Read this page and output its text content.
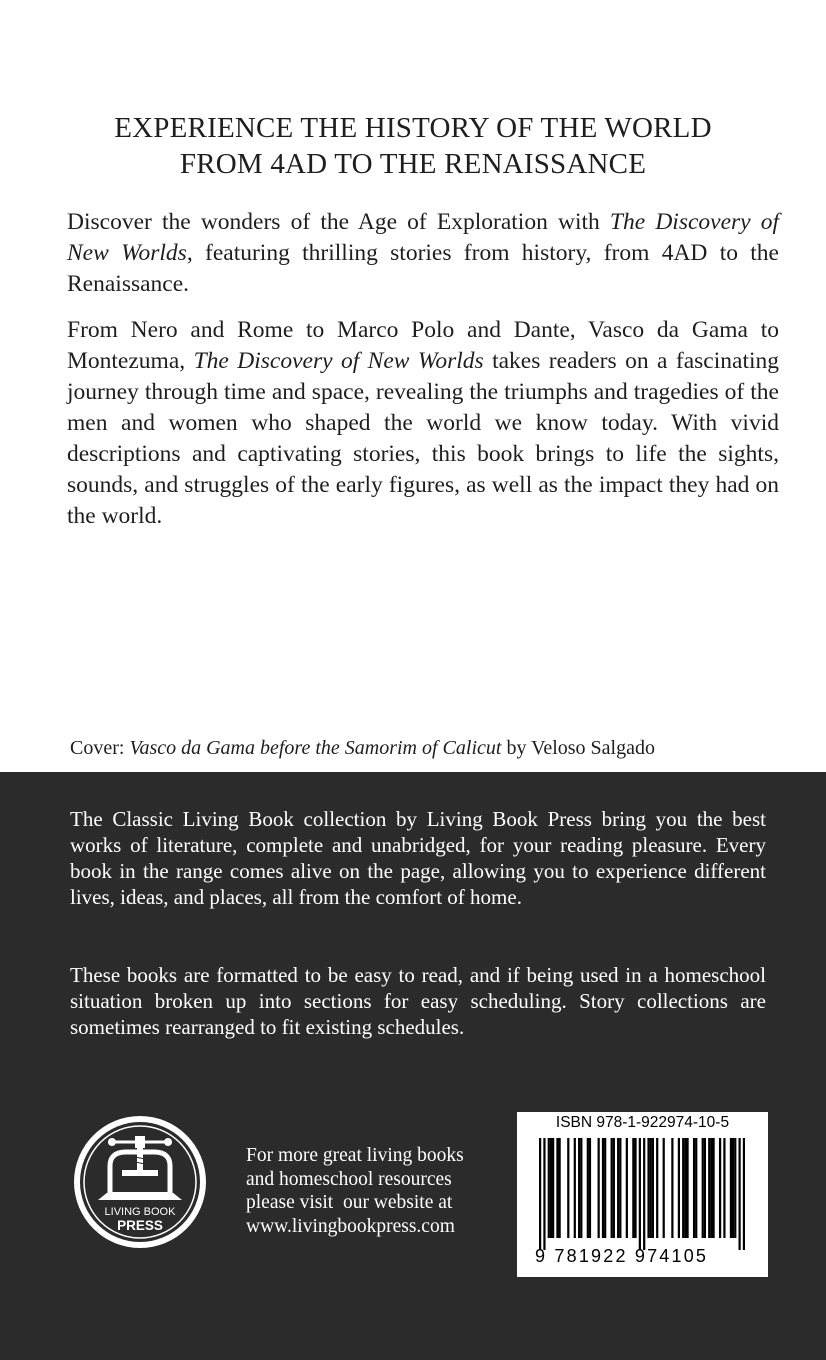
EXPERIENCE THE HISTORY OF THE WORLD
FROM 4AD TO THE RENAISSANCE

Discover the wonders of the Age of Exploration with The Discovery of New Worlds, featuring thrilling stories from history, from 4AD to the Renaissance.

From Nero and Rome to Marco Polo and Dante, Vasco da Gama to Montezuma, The Discovery of New Worlds takes readers on a fascinating journey through time and space, revealing the triumphs and tragedies of the men and women who shaped the world we know today. With vivid descriptions and captivating stories, this book brings to life the sights, sounds, and struggles of the early figures, as well as the impact they had on the world.

Cover: Vasco da Gama before the Samorim of Calicut by Veloso Salgado

The Classic Living Book collection by Living Book Press bring you the best works of literature, complete and unabridged, for your reading pleasure. Every book in the range comes alive on the page, allowing you to experience different lives, ideas, and places, all from the comfort of home.

These books are formatted to be easy to read, and if being used in a homeschool situation broken up into sections for easy scheduling. Story collections are sometimes rearranged to fit existing schedules.

LIVING BOOK
PRESS
For more great living books
and homeschool resources
please visit  our website at
www.livingbookpress.com
ISBN 978-1-922974-10-5
9 781922 974105
